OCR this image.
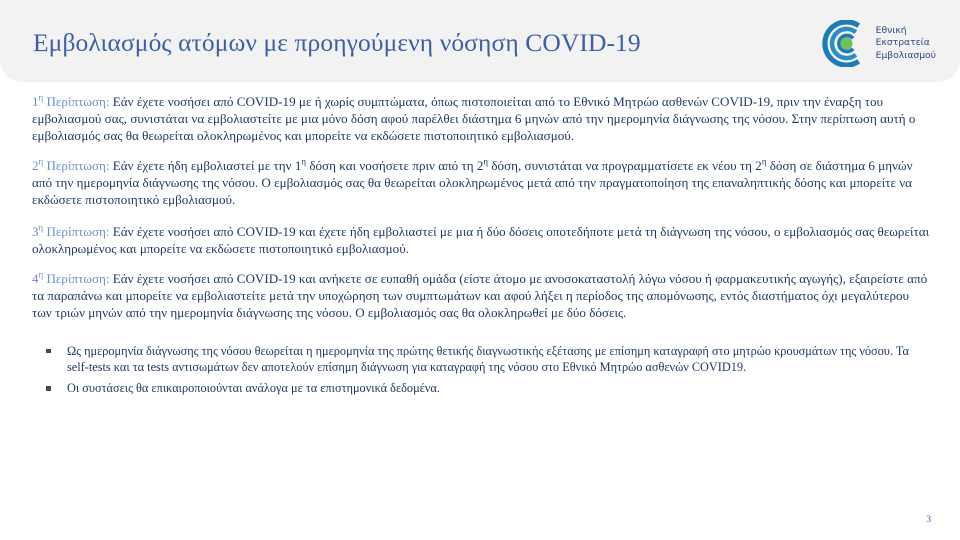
Εμβολιασμός ατόμων με προηγούμενη νόσηση COVID-19	Εθνική
Εκστρατεία
Εμβολιασμού

$1^\eta$ Περίπτωση: Εάν έχετε νοσήσει από COVID-19 με ή χωρίς συμπτώματα, όπως πιστοποιείται από το Εθνικό Μητρώο ασθενών COVID-19, πριν την έναρξη του εμβολιασμού σας, συνιστάται να εμβολιαστείτε με μια μόνο δόση αφού παρέλθει διάστημα 6 μηνών από την ημερομηνία διάγνωσης της νόσου. Στην περίπτωση αυτή ο εμβολιασμός σας θα θεωρείται ολοκληρωμένος και μπορείτε να εκδώσετε πιστοποιητικό εμβολιασμού.

$2^\eta$ Περίπτωση: Εάν έχετε ήδη εμβολιαστεί με την $1^\eta$ δόση και νοσήσετε πριν από τη $2^\eta$ δόση, συνιστάται να προγραμματίσετε εκ νέου τη $2^\eta$ δόση σε διάστημα 6 μηνών από την ημερομηνία διάγνωσης της νόσου. Ο εμβολιασμός σας θα θεωρείται ολοκληρωμένος μετά από την πραγματοποίηση της επαναληπτικής δόσης και μπορείτε να εκδώσετε πιστοποιητικό εμβολιασμού.

$3^\eta$ Περίπτωση: Εάν έχετε νοσήσει από COVID-19 και έχετε ήδη εμβολιαστεί με μια ή δύο δόσεις οποτεδήποτε μετά τη διάγνωση της νόσου, ο εμβολιασμός σας θεωρείται ολοκληρωμένος και μπορείτε να εκδώσετε πιστοποιητικό εμβολιασμού.

$4^\eta$ Περίπτωση: Εάν έχετε νοσήσει από COVID-19 και ανήκετε σε ευπαθή ομάδα (είστε άτομο με ανοσοκαταστολή λόγω νόσου ή φαρμακευτικής αγωγής), εξαιρείστε από τα παραπάνω και μπορείτε να εμβολιαστείτε μετά την υποχώρηση των συμπτωμάτων και αφού λήξει η περίοδος της απομόνωσης, εντός διαστήματος όχι μεγαλύτερου των τριών μηνών από την ημερομηνία διάγνωσης της νόσου. Ο εμβολιασμός σας θα ολοκληρωθεί με δύο δόσεις.

Ως ημερομηνία διάγνωσης της νόσου θεωρείται η ημερομηνία της πρώτης θετικής διαγνωστικής εξέτασης με επίσημη καταγραφή στο μητρώο κρουσμάτων της νόσου. Τα self-tests και τα tests αντισωμάτων δεν αποτελούν επίσημη διάγνωση για καταγραφή της νόσου στο Εθνικό Μητρώο ασθενών COVID19.
Οι συστάσεις θα επικαιροποιούνται ανάλογα με τα επιστημονικά δεδομένα.
3
